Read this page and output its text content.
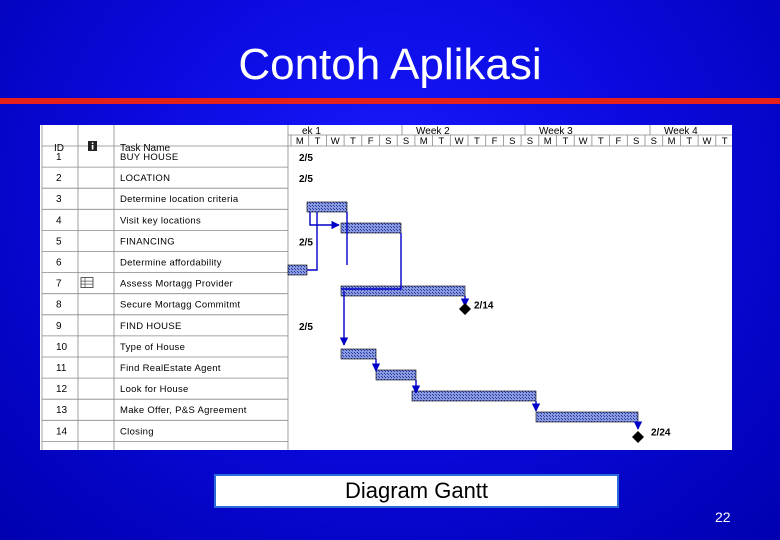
Contoh Aplikasi
ID	Task Name
ek 1	Week 2	Week 3	Week 4
M T W T F S S M T W T F S S M T W T F S S M T W T
1	BUY HOUSE
2	LOCATION
3	Determine location criteria
4	Visit key locations
5	FINANCING
6	Determine affordability
7	Assess Mortagg Provider
8	Secure Mortagg Commitmt
9	FIND HOUSE
10	Type of House
11	Find RealEstate Agent
12	Look for House
13	Make Offer, P&S Agreement
14	Closing
2/5
2/5
2/5
2/14
2/5
2/24
Diagram Gantt
22
